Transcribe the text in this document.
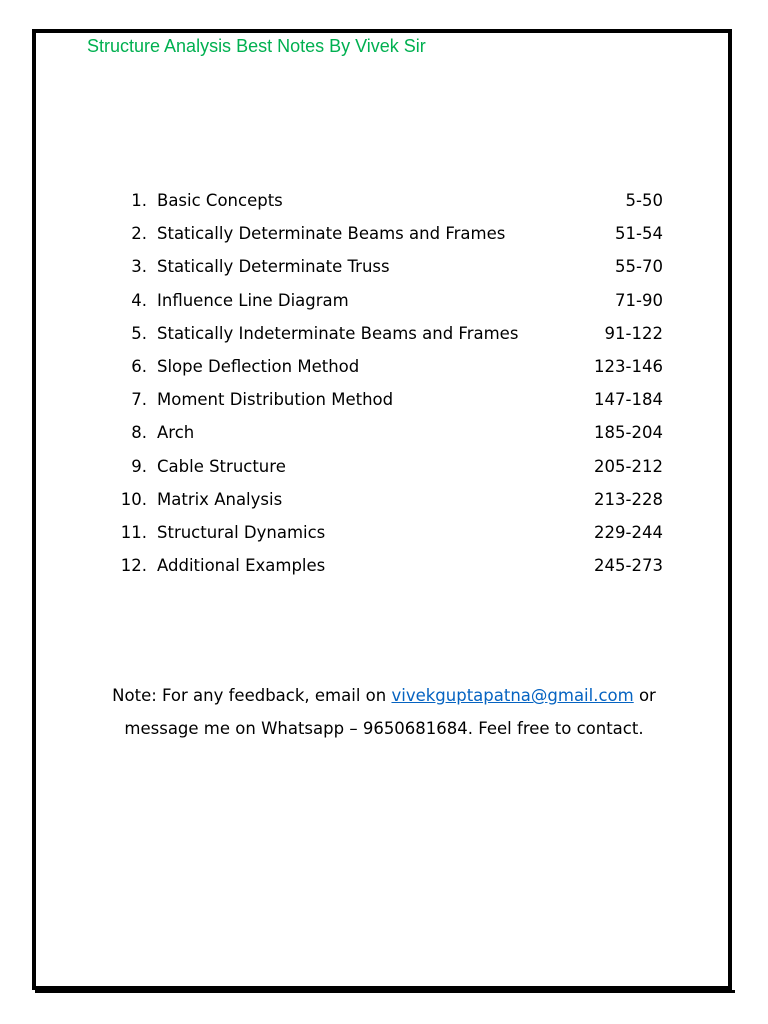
Structure Analysis Best Notes By Vivek Sir
1. Basic Concepts	5-50
2. Statically Determinate Beams and Frames	51-54
3. Statically Determinate Truss	55-70
4. Influence Line Diagram	71-90
5. Statically Indeterminate Beams and Frames	91-122
6. Slope Deflection Method	123-146
7. Moment Distribution Method	147-184
8. Arch	185-204
9. Cable Structure	205-212
10. Matrix Analysis	213-228
11. Structural Dynamics	229-244
12. Additional Examples	245-273
Note: For any feedback, email on vivekguptapatna@gmail.com or
message me on Whatsapp – 9650681684. Feel free to contact.
